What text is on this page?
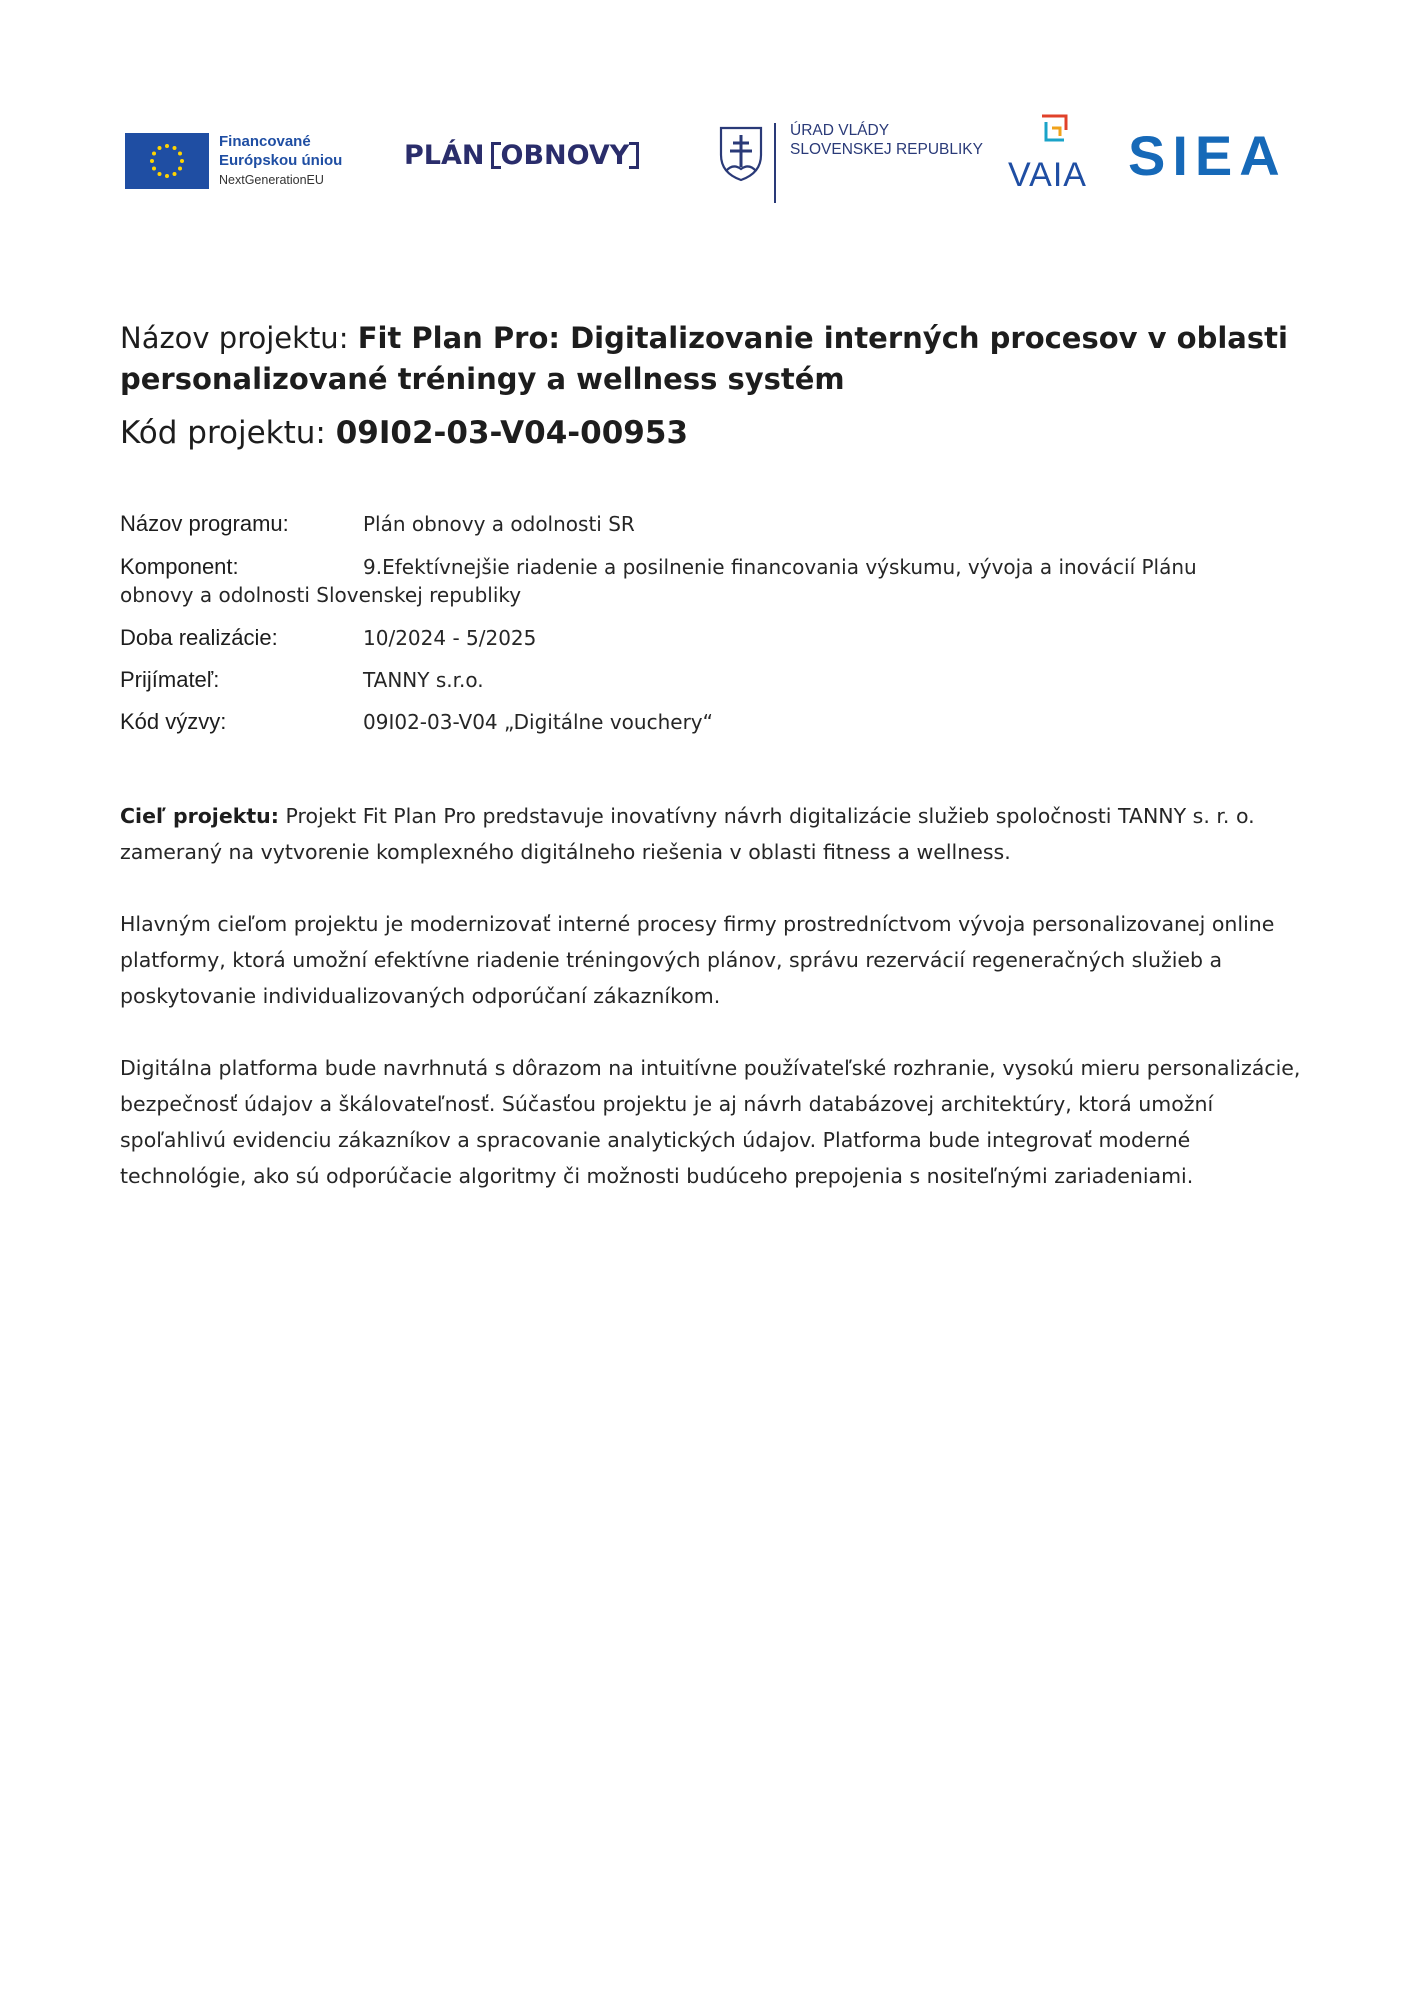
Financované
Európskou úniou
NextGenerationEU
PLÁN OBNOVY
ÚRAD VLÁDY
SLOVENSKEJ REPUBLIKY
VAIA SIEA

Názov projektu: Fit Plan Pro: Digitalizovanie interných procesov v oblasti personalizované tréningy a wellness systém

Kód projektu: 09I02-03-V04-00953
Názov programu:	Plán obnovy a odolnosti SR
Komponent:	9.Efektívnejšie riadenie a posilnenie financovania výskumu, vývoja a inovácií Plánu
obnovy a odolnosti Slovenskej republiky
Doba realizácie:	10/2024 - 5/2025
Prijímateľ:	TANNY s.r.o.
Kód výzvy:	09I02-03-V04 „Digitálne vouchery“

Cieľ projektu: Projekt Fit Plan Pro predstavuje inovatívny návrh digitalizácie služieb spoločnosti TANNY s. r. o. zameraný na vytvorenie komplexného digitálneho riešenia v oblasti fitness a wellness.

Hlavným cieľom projektu je modernizovať interné procesy firmy prostredníctvom vývoja personalizovanej online platformy, ktorá umožní efektívne riadenie tréningových plánov, správu rezervácií regeneračných služieb a poskytovanie individualizovaných odporúčaní zákazníkom.

Digitálna platforma bude navrhnutá s dôrazom na intuitívne používateľské rozhranie, vysokú mieru personalizácie, bezpečnosť údajov a škálovateľnosť. Súčasťou projektu je aj návrh databázovej architektúry, ktorá umožní spoľahlivú evidenciu zákazníkov a spracovanie analytických údajov. Platforma bude integrovať moderné technológie, ako sú odporúčacie algoritmy či možnosti budúceho prepojenia s nositeľnými zariadeniami.
